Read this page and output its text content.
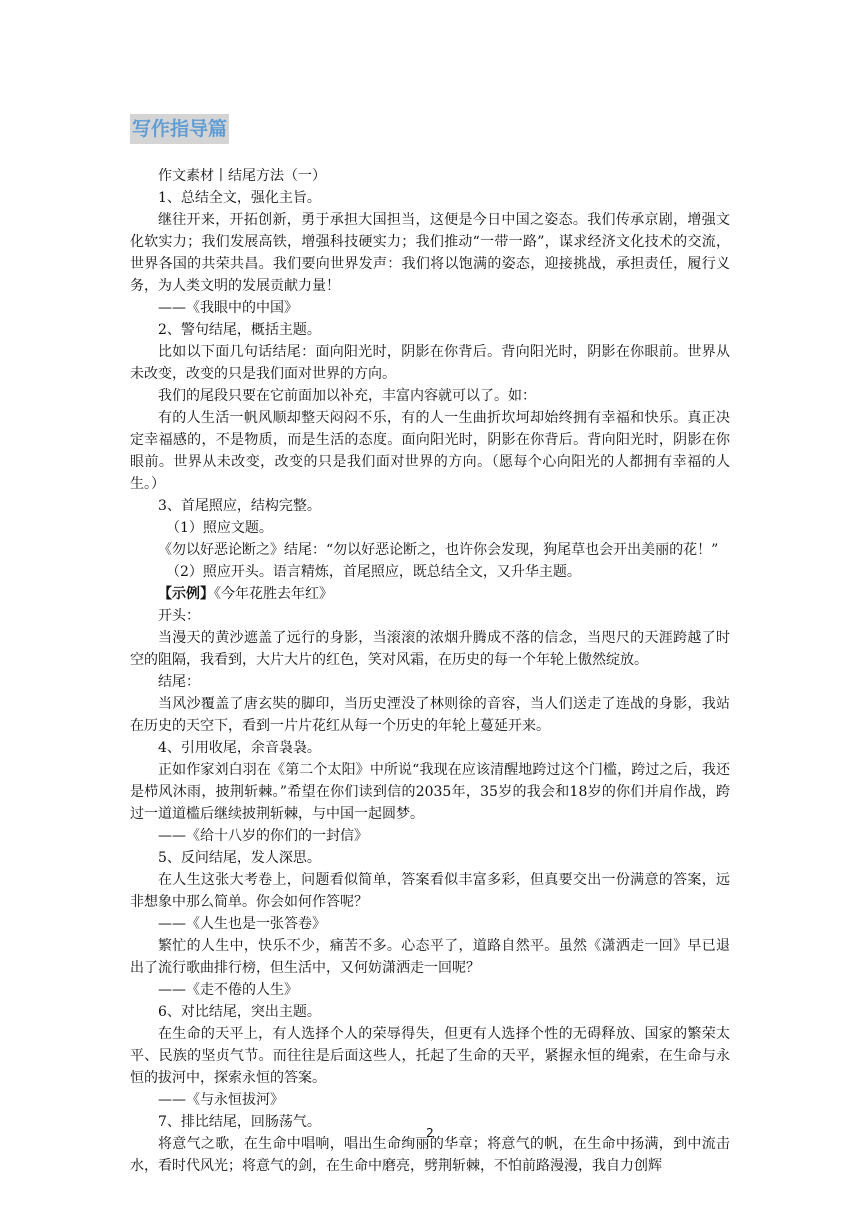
写作指导篇

作文素材丨结尾方法（一）

1、总结全文，强化主旨。

继往开来，开拓创新，勇于承担大国担当，这便是今日中国之姿态。我们传承京剧，增强文化软实力；我们发展高铁，增强科技硬实力；我们推动“一带一路”，谋求经济文化技术的交流，世界各国的共荣共昌。我们要向世界发声：我们将以饱满的姿态，迎接挑战，承担责任，履行义务，为人类文明的发展贡献力量！

——《我眼中的中国》

2、警句结尾，概括主题。

比如以下面几句话结尾：面向阳光时，阴影在你背后。背向阳光时，阴影在你眼前。世界从未改变，改变的只是我们面对世界的方向。

我们的尾段只要在它前面加以补充，丰富内容就可以了。如：

有的人生活一帆风顺却整天闷闷不乐，有的人一生曲折坎坷却始终拥有幸福和快乐。真正决定幸福感的，不是物质，而是生活的态度。面向阳光时，阴影在你背后。背向阳光时，阴影在你眼前。世界从未改变，改变的只是我们面对世界的方向。（愿每个心向阳光的人都拥有幸福的人生。）

3、首尾照应，结构完整。

（1）照应文题。

《勿以好恶论断之》结尾：“勿以好恶论断之，也许你会发现，狗尾草也会开出美丽的花！”

（2）照应开头。语言精炼，首尾照应，既总结全文，又升华主题。

【示例】《今年花胜去年红》

开头：

当漫天的黄沙遮盖了远行的身影，当滚滚的浓烟升腾成不落的信念，当咫尺的天涯跨越了时空的阻隔，我看到，大片大片的红色，笑对风霜，在历史的每一个年轮上傲然绽放。

结尾：

当风沙覆盖了唐玄奘的脚印，当历史湮没了林则徐的音容，当人们送走了连战的身影，我站在历史的天空下，看到一片片花红从每一个历史的年轮上蔓延开来。

4、引用收尾，余音袅袅。

正如作家刘白羽在《第二个太阳》中所说“我现在应该清醒地跨过这个门槛，跨过之后，我还是栉风沐雨，披荆斩棘。”希望在你们读到信的2035年，35岁的我会和18岁的你们并肩作战，跨过一道道槛后继续披荆斩棘，与中国一起圆梦。

——《给十八岁的你们的一封信》

5、反问结尾，发人深思。

在人生这张大考卷上，问题看似简单，答案看似丰富多彩，但真要交出一份满意的答案，远非想象中那么简单。你会如何作答呢？

——《人生也是一张答卷》

繁忙的人生中，快乐不少，痛苦不多。心态平了，道路自然平。虽然《潇洒走一回》早已退出了流行歌曲排行榜，但生活中，又何妨潇洒走一回呢？

——《走不倦的人生》

6、对比结尾，突出主题。

在生命的天平上，有人选择个人的荣辱得失，但更有人选择个性的无碍释放、国家的繁荣太平、民族的坚贞气节。而往往是后面这些人，托起了生命的天平，紧握永恒的绳索，在生命与永恒的拔河中，探索永恒的答案。

——《与永恒拔河》

7、排比结尾，回肠荡气。

将意气之歌，在生命中唱响，唱出生命绚丽的华章；将意气的帆，在生命中扬满，到中流击水，看时代风光；将意气的剑，在生命中磨亮，劈荆斩棘，不怕前路漫漫，我自力创辉

2
